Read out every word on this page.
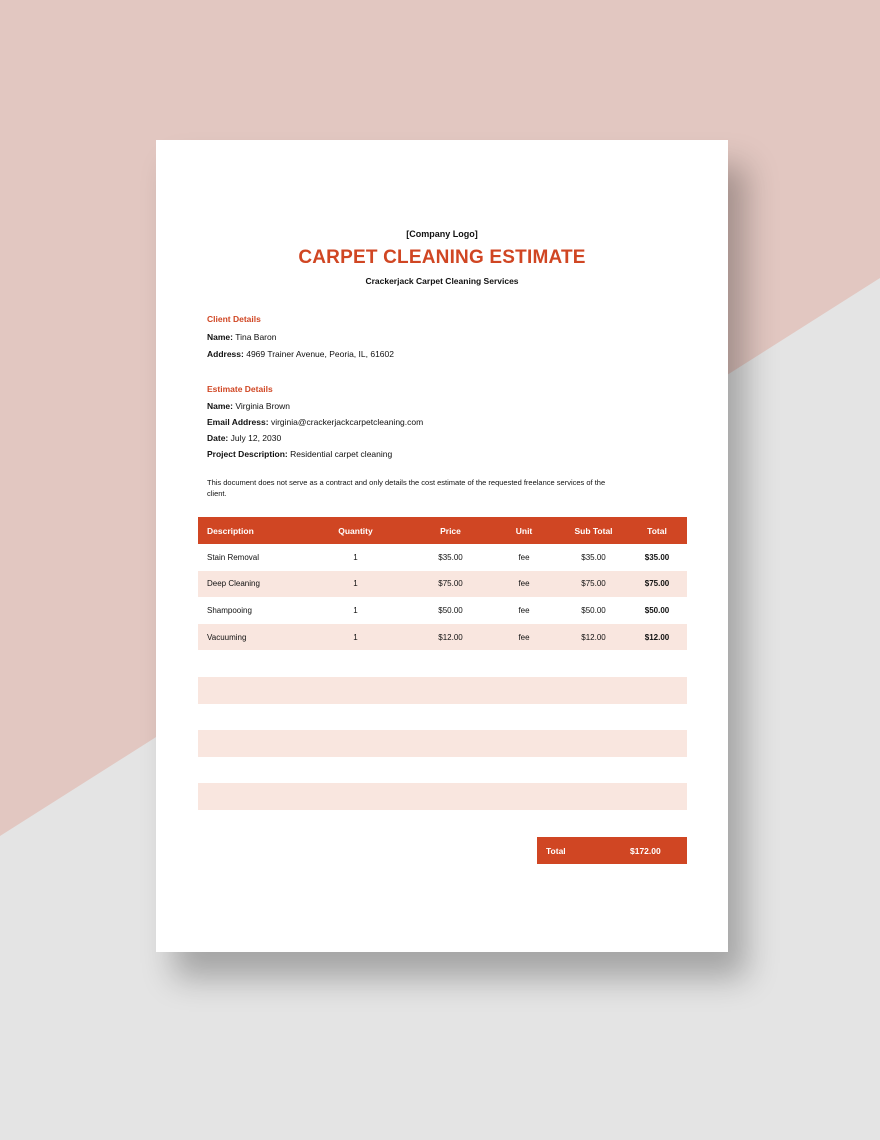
[Company Logo]
CARPET CLEANING ESTIMATE
Crackerjack Carpet Cleaning Services
Client Details
Name: Tina Baron
Address: 4969 Trainer Avenue, Peoria, IL, 61602
Estimate Details
Name: Virginia Brown
Email Address: virginia@crackerjackcarpetcleaning.com
Date: July 12, 2030
Project Description: Residential carpet cleaning
This document does not serve as a contract and only details the cost estimate of the requested freelance services of the client.
Description	Quantity	Price	Unit	Sub Total	Total
Stain Removal	1	$35.00	fee	$35.00	$35.00
Deep Cleaning	1	$75.00	fee	$75.00	$75.00
Shampooing	1	$50.00	fee	$50.00	$50.00
Vacuuming	1	$12.00	fee	$12.00	$12.00

Total	$172.00
